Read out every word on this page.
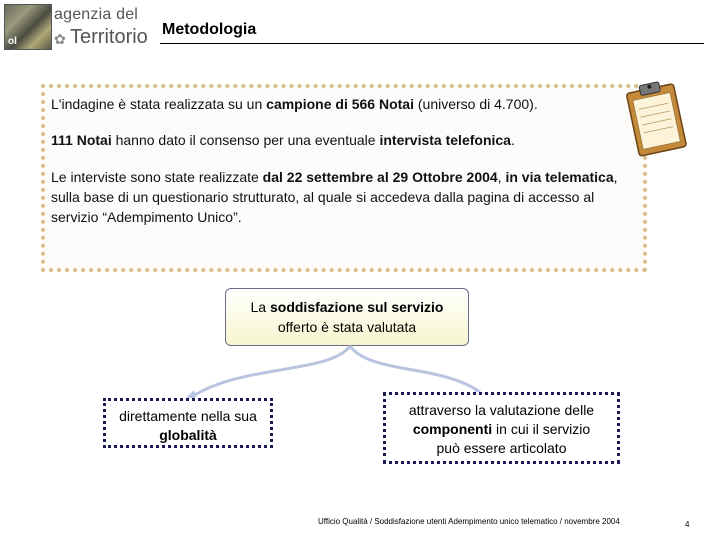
ol
agenzia del
✿ Territorio Metodologia

L'indagine è stata realizzata su un campione di 566 Notai (universo di 4.700).

111 Notai hanno dato il consenso per una eventuale intervista telefonica.

Le interviste sono state realizzate dal 22 settembre al 29 Ottobre 2004, in via telematica, sulla base di un questionario strutturato, al quale si accedeva dalla pagina di accesso al servizio “Adempimento Unico”.

La soddisfazione sul servizio
offerto è stata valutata
direttamente nella sua
globalità
attraverso la valutazione delle
componenti in cui il servizio
può essere articolato
Ufficio Qualità / Soddisfazione utenti Adempimento unico telematico / novembre 2004	4
